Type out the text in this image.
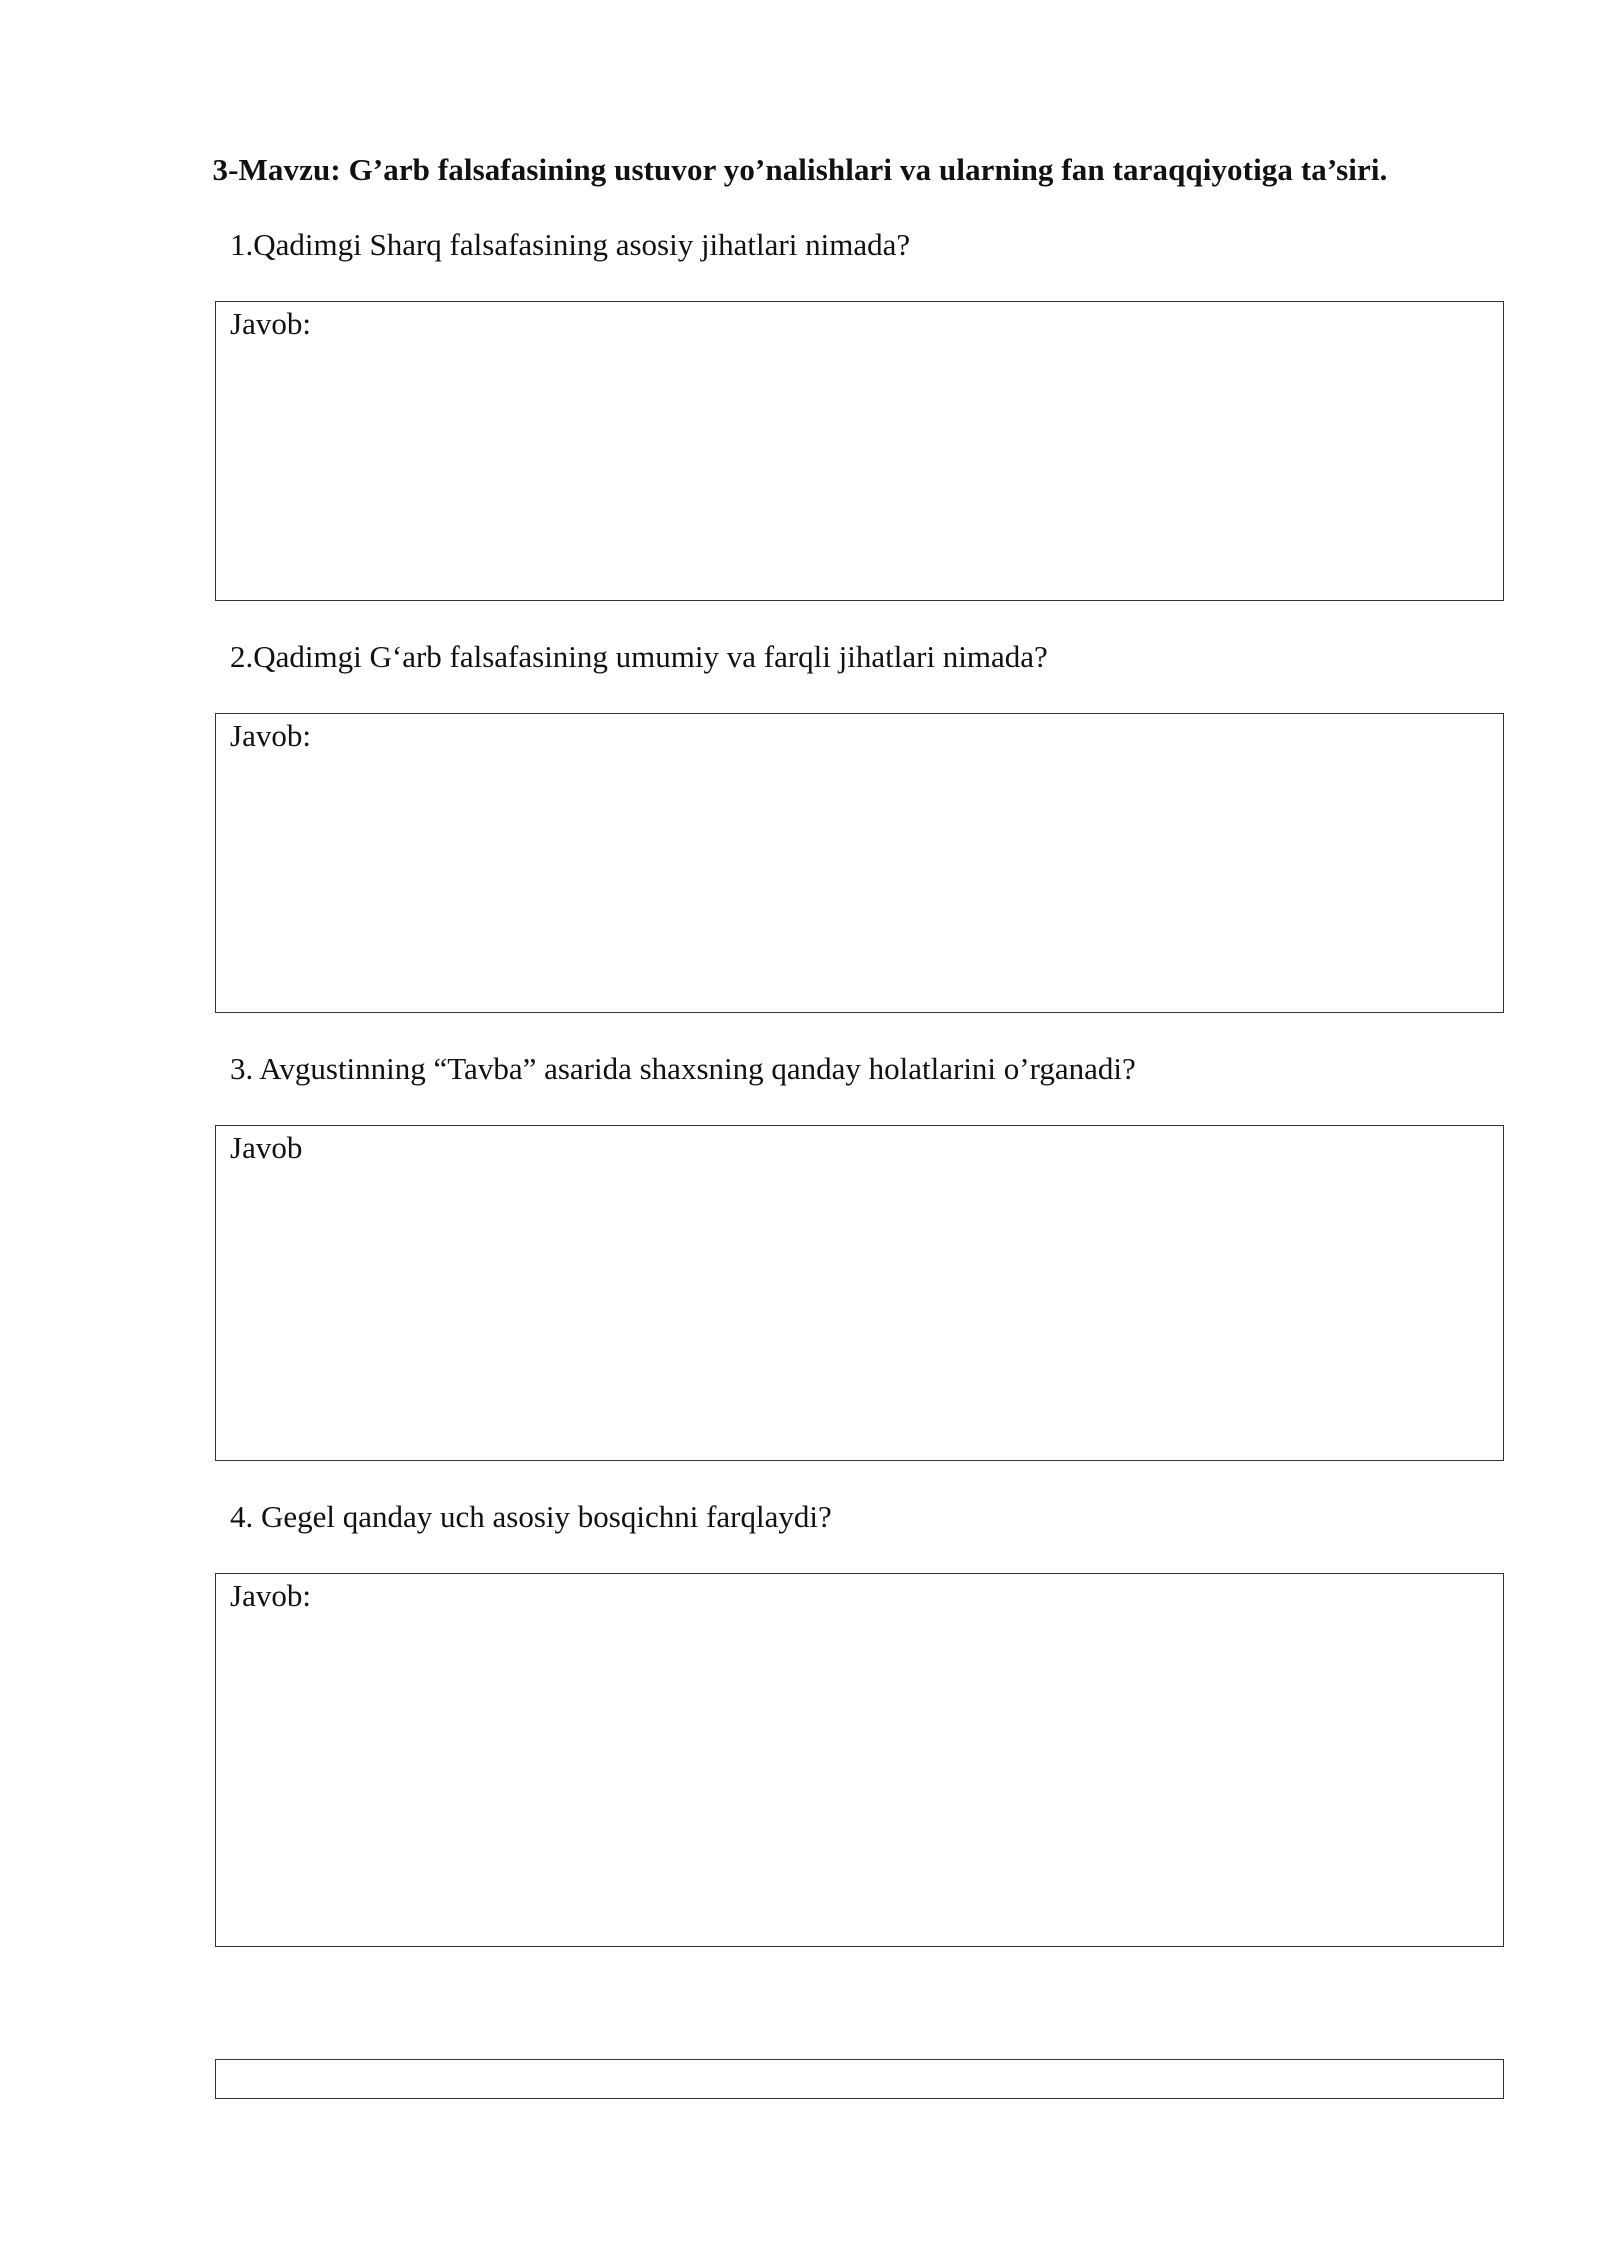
3-Mavzu: G’arb falsafasining ustuvor yo’nalishlari va ularning fan taraqqiyotiga ta’siri.
1.Qadimgi Sharq falsafasining asosiy jihatlari nimada?
Javob:
2.Qadimgi G‘arb falsafasining umumiy va farqli jihatlari nimada?
Javob:
3. Avgustinning “Tavba” asarida shaxsning qanday holatlarini o’rganadi?
Javob
4. Gegel qanday uch asosiy bosqichni farqlaydi?
Javob:
